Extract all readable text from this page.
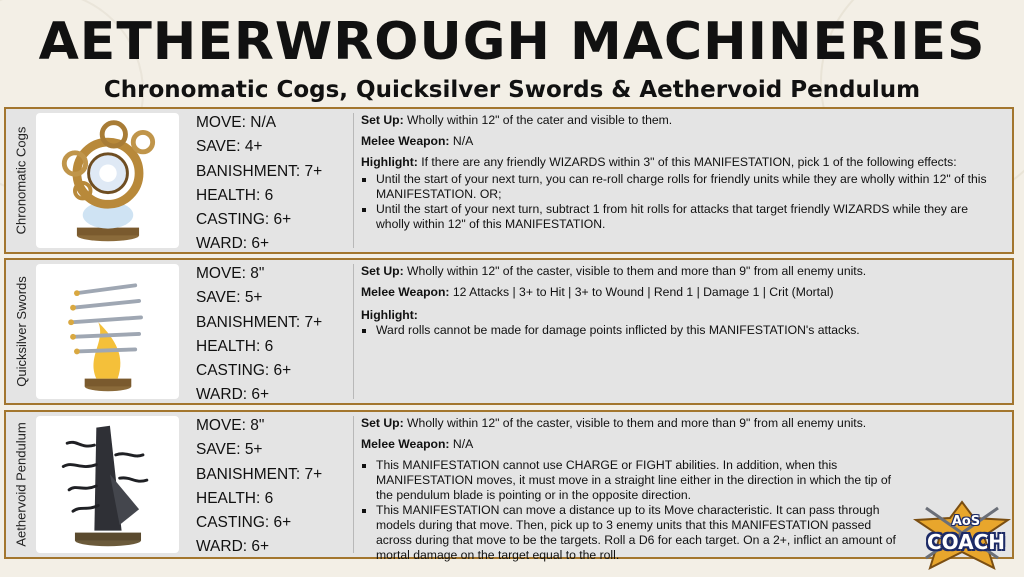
AETHERWROUGH MACHINERIES
Chronomatic Cogs, Quicksilver Swords & Aethervoid Pendulum
Chronomatic Cogs
MOVE: N/A
SAVE: 4+
BANISHMENT: 7+
HEALTH: 6
CASTING: 6+
WARD: 6+

Set Up: Wholly within 12" of the cater and visible to them.

Melee Weapon: N/A

Highlight: If there are any friendly WIZARDS within 3" of this MANIFESTATION, pick 1 of the following effects:

▪ Until the start of your next turn, you can re-roll charge rolls for friendly units while they are wholly within 12" of this MANIFESTATION. OR;
▪ Until the start of your next turn, subtract 1 from hit rolls for attacks that target friendly WIZARDS while they are wholly within 12" of this MANIFESTATION.
Quicksilver Swords
MOVE: 8"
SAVE: 5+
BANISHMENT: 7+
HEALTH: 6
CASTING: 6+
WARD: 6+

Set Up: Wholly within 12" of the caster, visible to them and more than 9" from all enemy units.

Melee Weapon: 12 Attacks | 3+ to Hit | 3+ to Wound | Rend 1 | Damage 1 | Crit (Mortal)

Highlight:

▪ Ward rolls cannot be made for damage points inflicted by this MANIFESTATION's attacks.
Aethervoid Pendulum	MOVE: 8"
SAVE: 5+
BANISHMENT: 7+
HEALTH: 6
CASTING: 6+
WARD: 6+

Set Up: Wholly within 12" of the caster, visible to them and more than 9" from all enemy units.

Melee Weapon: N/A

▪ This MANIFESTATION cannot use CHARGE or FIGHT abilities. In addition, when this MANIFESTATION moves, it must move in a straight line either in the direction in which the tip of the pendulum blade is pointing or in the opposite direction.
▪ This MANIFESTATION can move a distance up to its Move characteristic. It can pass through models during that move. Then, pick up to 3 enemy units that this MANIFESTATION passed across during that move to be the targets. Roll a D6 for each target. On a 2+, inflict an amount of mortal damage on the target equal to the roll.
AoS
COACH
